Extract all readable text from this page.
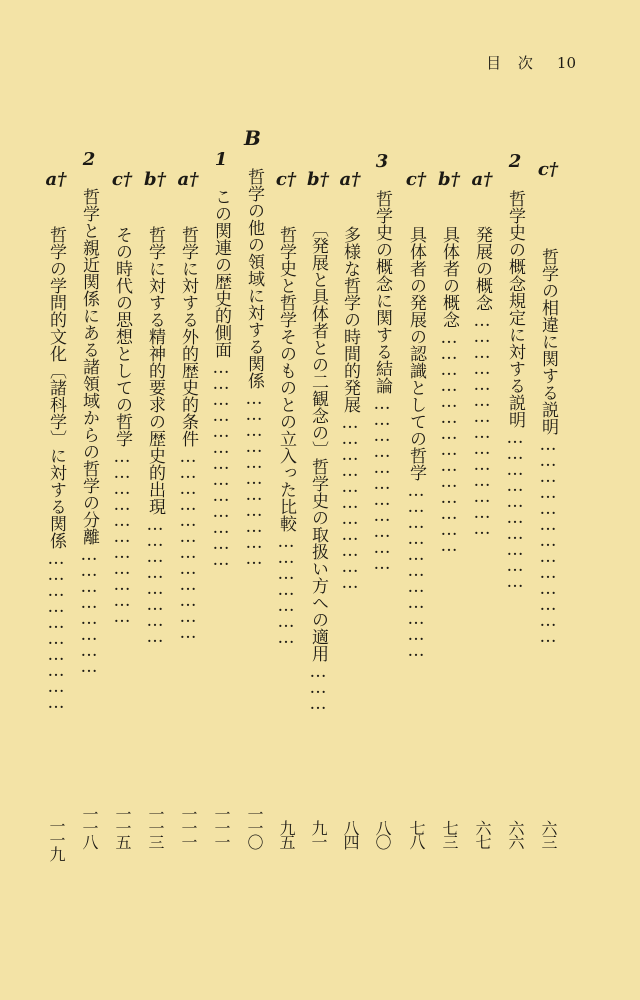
目 次 10
B
c†
哲学の相違に関する説明…………………………………
六三
2
哲学史の概念規定に対する説明…………………………
六六
a†
発展の概念……………………………………
六七
b†
具体者の概念……………………………………
七三
c†
具体者の発展の認識としての哲学……………………………
七八
3
哲学史の概念に関する結論……………………………
八〇
a†
多様な哲学の時間的発展……………………………
八四
b†
〔発展と具体者との二観念の〕哲学史の取扱い方への適用………
九一
c†
哲学史と哲学そのものとの立入った比較…………………
九五
哲学の他の領域に対する関係……………………………
一一〇
1
この関連の歴史的側面…………………………………
一一一
a†
哲学に対する外的歴史的条件………………………………
一一一
b†
哲学に対する精神的要求の歴史的出現……………………
一一三
c†
その時代の思想としての哲学……………………………
一一五
2
哲学と親近関係にある諸領域からの哲学の分離……………………
一一八
a†
哲学の学問的文化〔諸科学〕に対する関係…………………………
一一九
